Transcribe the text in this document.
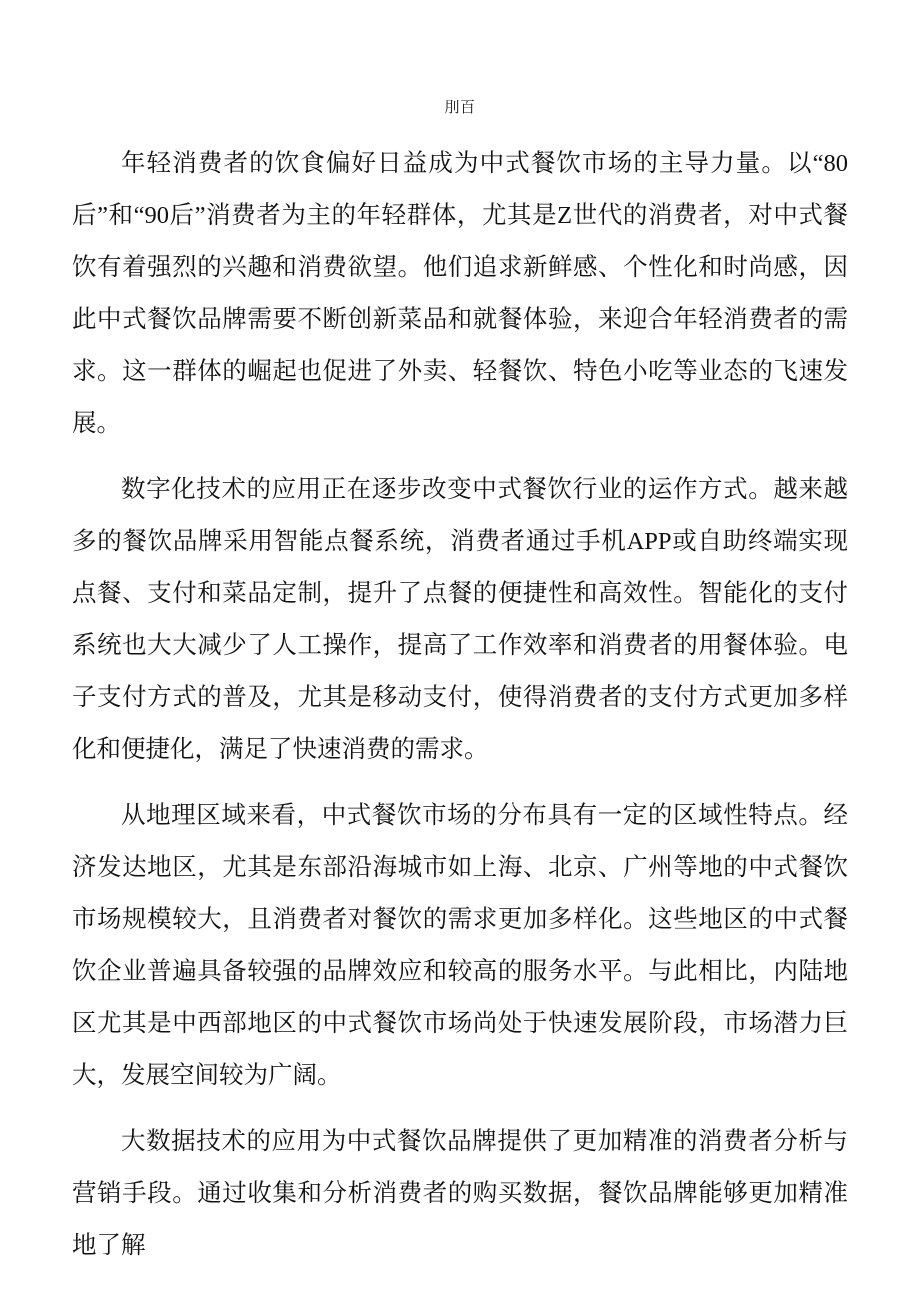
刖百

年轻消费者的饮食偏好日益成为中式餐饮市场的主导力量。以“80后”和“90后”消费者为主的年轻群体，尤其是Z世代的消费者，对中式餐饮有着强烈的兴趣和消费欲望。他们追求新鲜感、个性化和时尚感，因此中式餐饮品牌需要不断创新菜品和就餐体验，来迎合年轻消费者的需求。这一群体的崛起也促进了外卖、轻餐饮、特色小吃等业态的飞速发展。

数字化技术的应用正在逐步改变中式餐饮行业的运作方式。越来越多的餐饮品牌采用智能点餐系统，消费者通过手机APP或自助终端实现点餐、支付和菜品定制，提升了点餐的便捷性和高效性。智能化的支付系统也大大减少了人工操作，提高了工作效率和消费者的用餐体验。电子支付方式的普及，尤其是移动支付，使得消费者的支付方式更加多样化和便捷化，满足了快速消费的需求。

从地理区域来看，中式餐饮市场的分布具有一定的区域性特点。经济发达地区，尤其是东部沿海城市如上海、北京、广州等地的中式餐饮市场规模较大，且消费者对餐饮的需求更加多样化。这些地区的中式餐饮企业普遍具备较强的品牌效应和较高的服务水平。与此相比，内陆地区尤其是中西部地区的中式餐饮市场尚处于快速发展阶段，市场潜力巨大，发展空间较为广阔。

大数据技术的应用为中式餐饮品牌提供了更加精准的消费者分析与营销手段。通过收集和分析消费者的购买数据，餐饮品牌能够更加精准地了解
